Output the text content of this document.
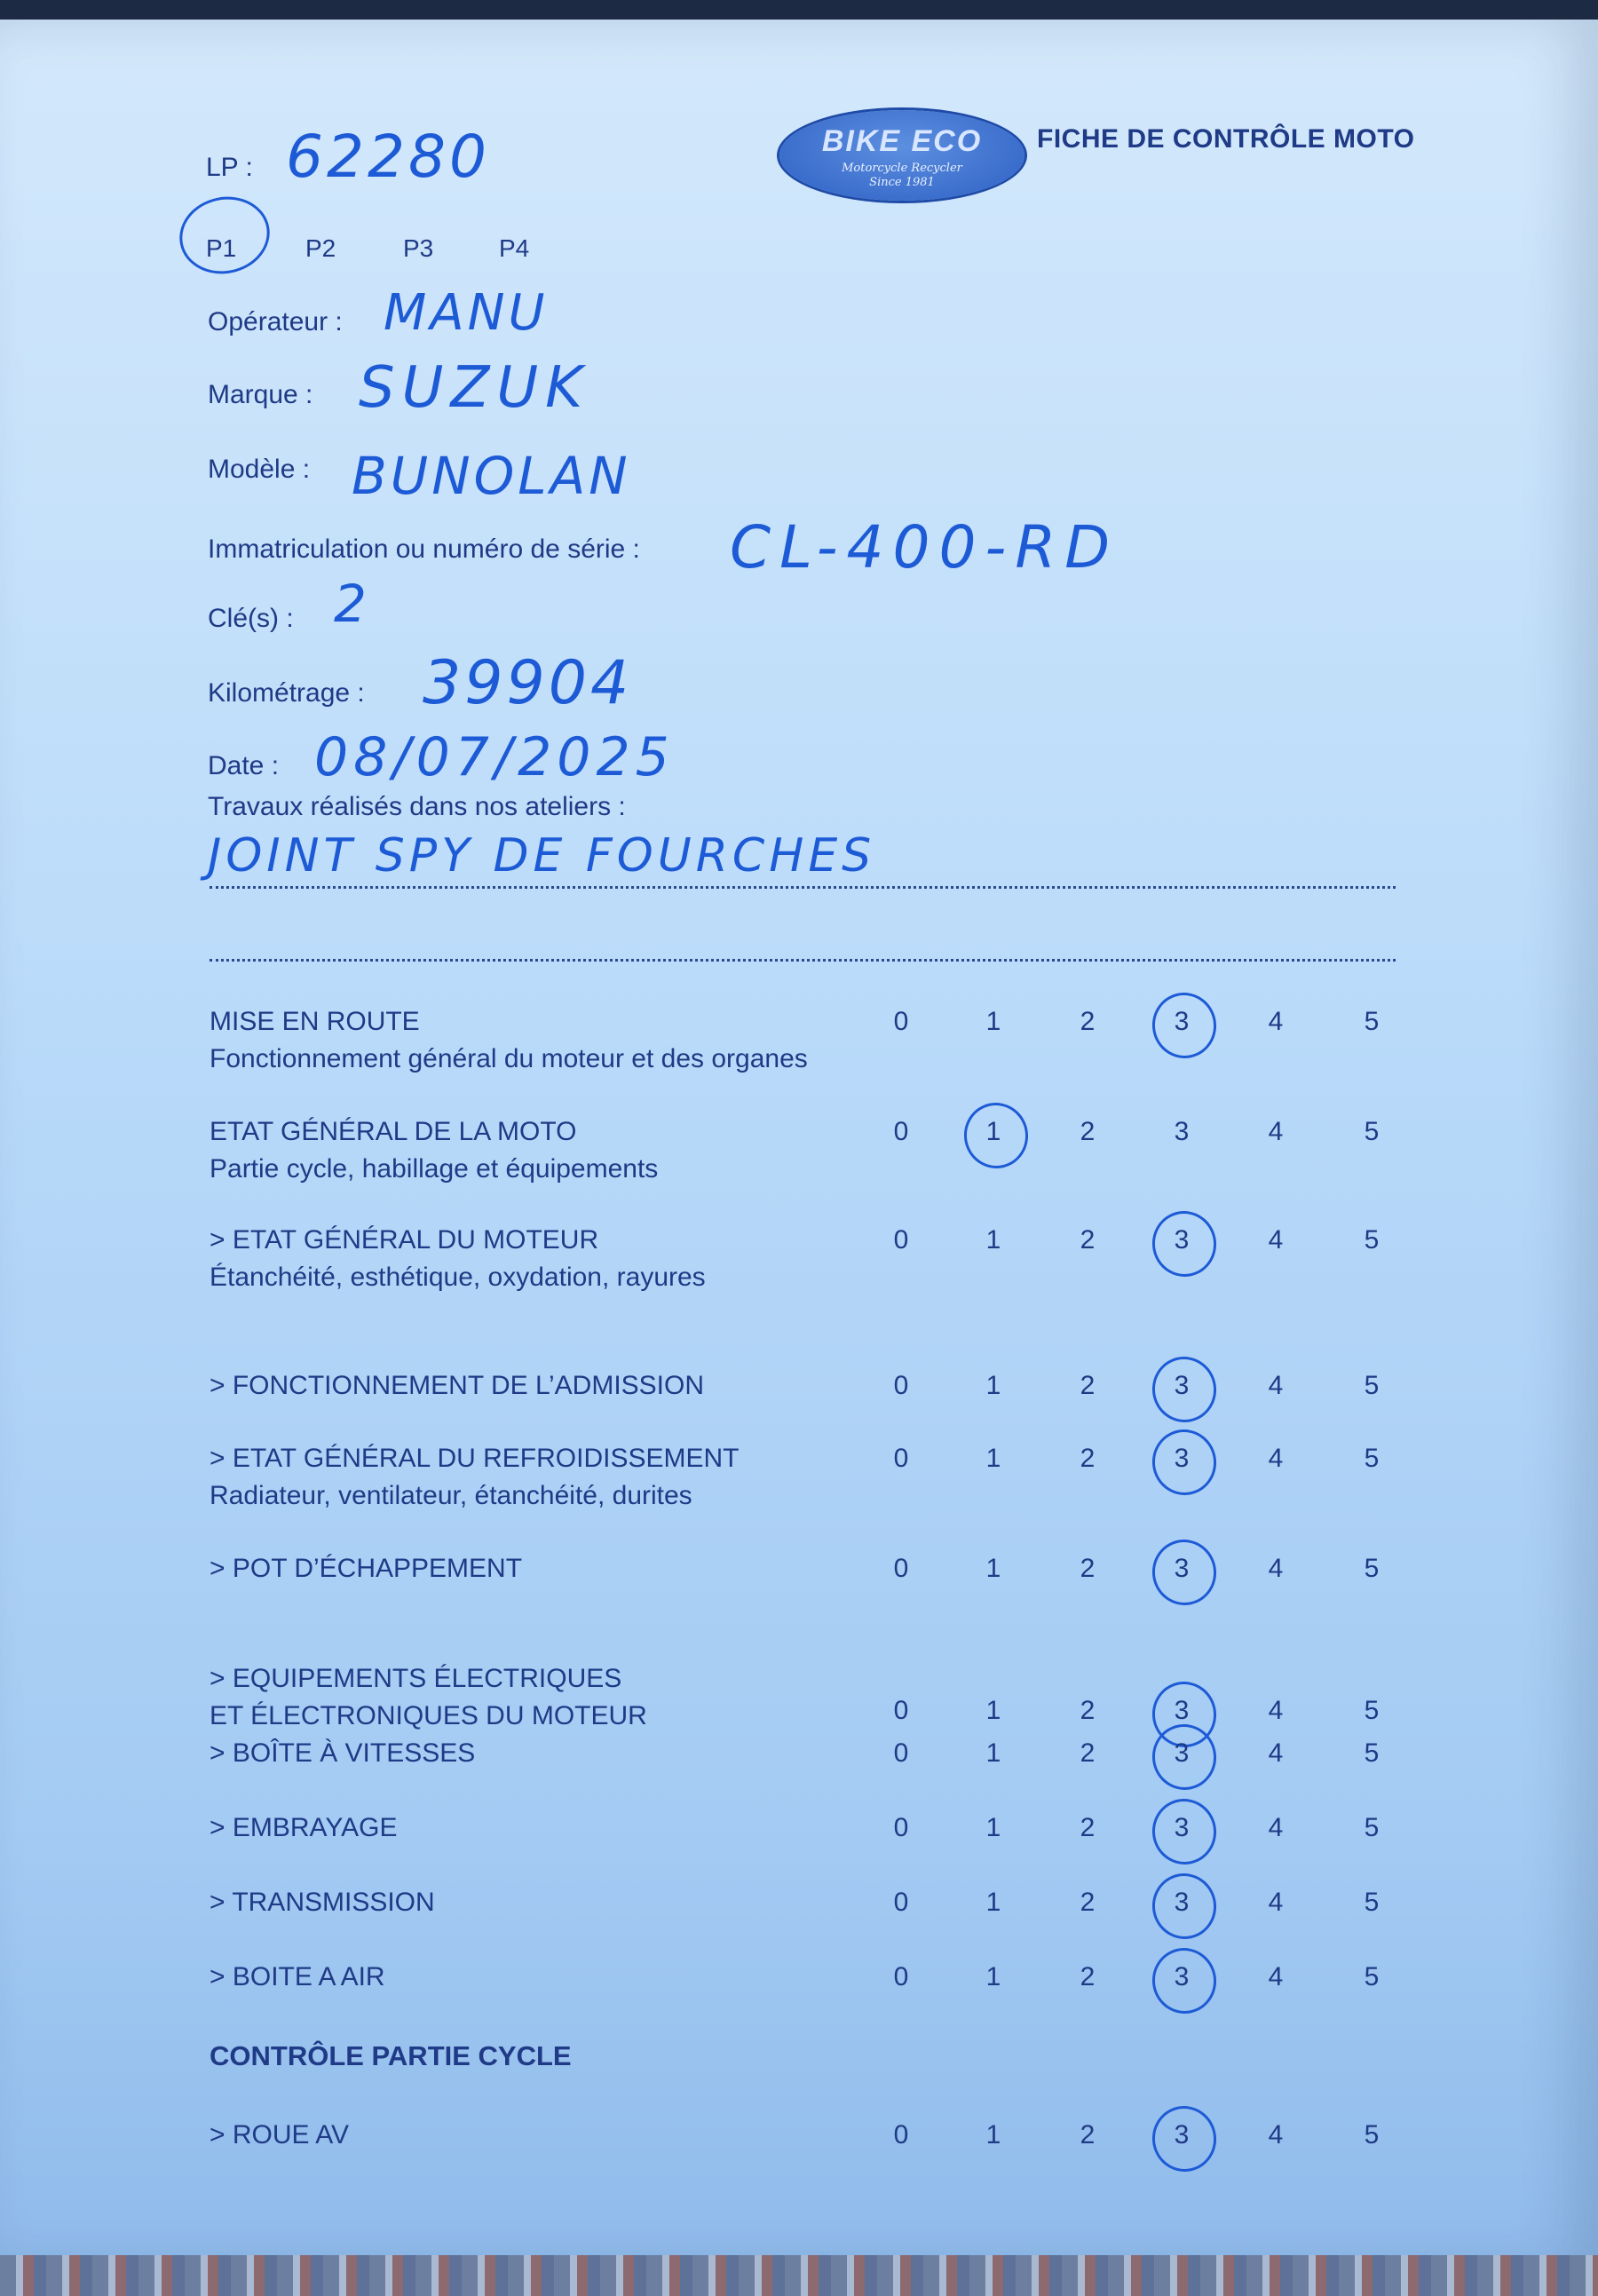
BIKE ECO
Motorcycle Recycler
Since 1981
FICHE DE CONTRÔLE MOTO
LP : 62280
P1	P2	P3	P4
Opérateur : MANU
Marque : SUZUK
Modèle : BUNOLAN
Immatriculation ou numéro de série : CL-400-RD
Clé(s) : 2
Kilométrage : 39904
Date : 08/07/2025
Travaux réalisés dans nos ateliers :
JOINT SPY DE FOURCHES
MISE EN ROUTE
Fonctionnement général du moteur et des organes
0	1	2	3	4	5
ETAT GÉNÉRAL DE LA MOTO
Partie cycle, habillage et équipements
0	1	2	3	4	5
> ETAT GÉNÉRAL DU MOTEUR
Étanchéité, esthétique, oxydation, rayures
0	1	2	3	4	5
> FONCTIONNEMENT DE L’ADMISSION	0	1	2	3	4	5
> ETAT GÉNÉRAL DU REFROIDISSEMENT
Radiateur, ventilateur, étanchéité, durites
0	1	2	3	4	5
> POT D’ÉCHAPPEMENT	0	1	2	3	4	5
> EQUIPEMENTS ÉLECTRIQUES
ET ÉLECTRONIQUES DU MOTEUR	0	1	2	3	4	5
> BOÎTE À VITESSES	0	1	2	3	4	5
> EMBRAYAGE	0	1	2	3	4	5
> TRANSMISSION	0	1	2	3	4	5
> BOITE A AIR	0	1	2	3	4	5
CONTRÔLE PARTIE CYCLE
> ROUE AV	0	1	2	3	4	5
